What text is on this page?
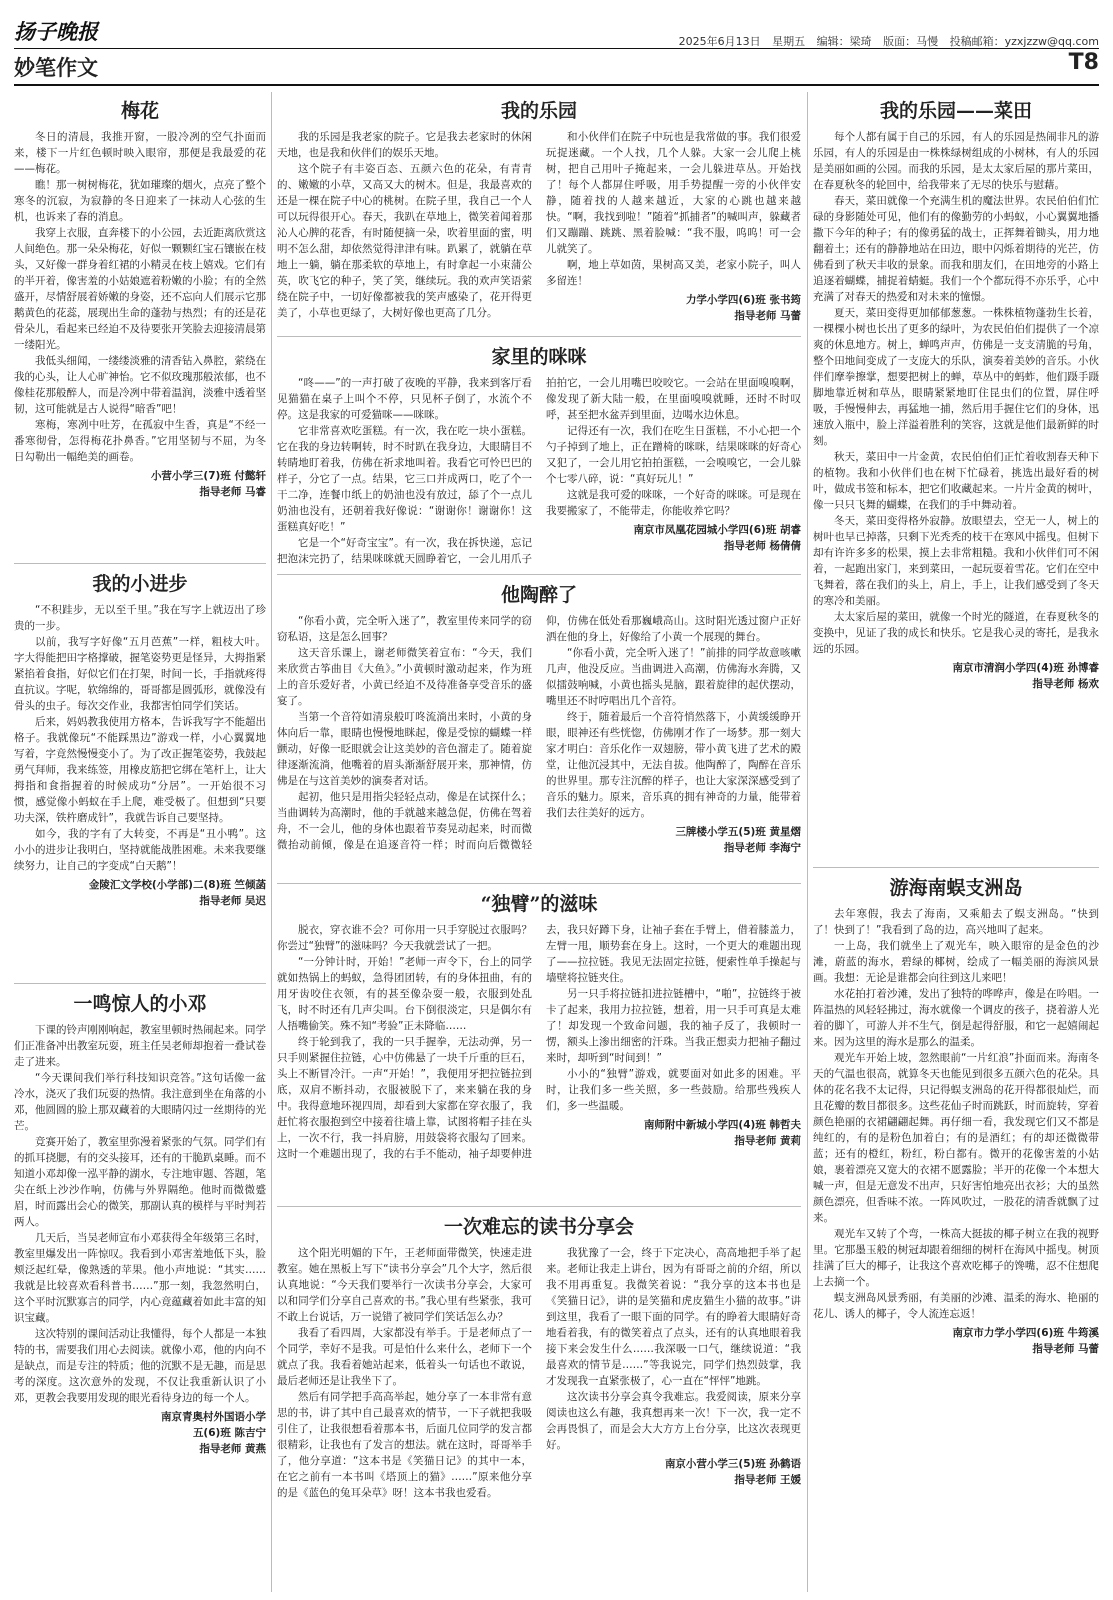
扬子晚报	2025年6月13日 星期五 编辑：梁琦 版面：马慢 投稿邮箱：yzxjzzw@qq.com
妙笔作文	T8
梅花

冬日的清晨，我推开窗，一股冷冽的空气扑面而来，楼下一片红色顿时映入眼帘，那便是我最爱的花——梅花。

瞧！那一树树梅花，犹如璀璨的烟火，点亮了整个寒冬的沉寂，为寂静的冬日迎来了一抹动人心弦的生机，也诉来了春的消息。

我穿上衣服，直奔楼下的小公园，去近距离欣赏这人间绝色。那一朵朵梅花，好似一颗颗红宝石镶嵌在枝头，又好像一群身着红裙的小精灵在枝上嬉戏。它们有的半开着，像害羞的小姑娘遮着粉嫩的小脸；有的全然盛开，尽情舒展着娇嫩的身姿，还不忘向人们展示它那鹅黄色的花蕊，展现出生命的蓬勃与热烈；有的还是花骨朵儿，看起来已经迫不及待要张开笑脸去迎接清晨第一缕阳光。

我低头细闻，一缕缕淡雅的清香钻入鼻腔，萦绕在我的心头，让人心旷神怡。它不似玫瑰那般浓郁，也不像桂花那般醉人，而是冷冽中带着温润，淡雅中透着坚韧，这可能就是古人说得“暗香”吧！

寒梅，寒冽中吐芳，在孤寂中生香，真是“不经一番寒彻骨，怎得梅花扑鼻香。”它用坚韧与不屈，为冬日勾勒出一幅绝美的画卷。

小营小学三(7)班 付懿轩
指导老师 马睿
我的小进步

“不积跬步，无以至千里。”我在写字上就迈出了珍贵的一步。

以前，我写字好像“五月芭蕉”一样，粗枝大叶。字大得能把田字格撑破，握笔姿势更是怪异，大拇指紧紧掐着食指，好似它们在打架，时间一长，手指就疼得直抗议。字呢，软绵绵的，哥哥都是圆弧形，就像没有骨头的虫子。每次交作业，我都害怕同学们笑话。

后来，妈妈教我使用方格本，告诉我写字不能超出格子。我就像玩“不能踩黑边”游戏一样，小心翼翼地写着，字竟然慢慢变小了。为了改正握笔姿势，我鼓起勇气拜师，我来练签，用橡皮筋把它绑在笔杆上，让大拇指和食指握着的时候成功“分居”。一开始很不习惯，感觉像小蚂蚁在手上爬，难受极了。但想到“只要功夫深，铁杵磨成针”，我就告诉自己要坚持。

如今，我的字有了大转变，不再是“丑小鸭”。这小小的进步让我明白，坚持就能战胜困难。未来我要继续努力，让自己的字变成“白天鹅”！

金陵汇文学校(小学部)二(8)班 竺倾菡
指导老师 吴迟
一鸣惊人的小邓

下课的铃声刚刚响起，教室里顿时热闹起来。同学们正准备冲出教室玩耍，班主任吴老师却抱着一叠试卷走了进来。

“今天课间我们举行科技知识竞答。”这句话像一盆冷水，浇灭了我们玩耍的热情。我注意到坐在角落的小邓，他圆圆的脸上那双藏着的大眼睛闪过一丝期待的光芒。

竞赛开始了，教室里弥漫着紧张的气氛。同学们有的抓耳挠腮，有的交头接耳，还有的干脆趴桌睡。而不知道小邓却像一泓平静的湖水，专注地审题、答题，笔尖在纸上沙沙作响，仿佛与外界隔绝。他时而微微蹙眉，时而露出会心的微笑，那副认真的模样与平时判若两人。

几天后，当吴老师宣布小邓获得全年级第三名时，教室里爆发出一阵惊叹。我看到小邓害羞地低下头，脸颊泛起红晕，像熟透的苹果。他小声地说：“其实……我就是比较喜欢看科普书……”那一刻，我忽然明白，这个平时沉默寡言的同学，内心竟蕴藏着如此丰富的知识宝藏。

这次特别的课间活动让我懂得，每个人都是一本独特的书，需要我们用心去阅读。就像小邓，他的内向不是缺点，而是专注的特质；他的沉默不是无趣，而是思考的深度。这次意外的发现，不仅让我重新认识了小邓，更教会我要用发现的眼光看待身边的每一个人。

南京青奥村外国语小学
五(6)班 陈吉宁
指导老师 黄燕
我的乐园

我的乐园是我老家的院子。它是我去老家时的休闲天地，也是我和伙伴们的娱乐天地。

这个院子有丰姿百态、五颜六色的花朵，有青青的、嫩嫩的小草，又高又大的树木。但是，我最喜欢的还是一棵在院子中心的桃树。在院子里，我自己一个人可以玩得很开心。春天，我趴在草地上，微笑着闻着那沁人心脾的花香，有时随便摘一朵，吹着里面的蜜，明明不怎么甜，却依然觉得津津有味。趴累了，就躺在草地上一躺，躺在那柔软的草地上，有时拿起一小束蒲公英，吹飞它的种子，笑了笑，继续玩。我的欢声笑语萦绕在院子中，一切好像都被我的笑声感染了，花开得更美了，小草也更绿了，大树好像也更高了几分。

和小伙伴们在院子中玩也是我常做的事。我们很爱玩捉迷藏。一个人找，几个人躲。大家一会儿爬上桃树，把自己用叶子掩起来，一会儿躲进草丛。开始找了！每个人都屏住呼吸，用手势提醒一旁的小伙伴安静，随着找的人越来越近，大家的心跳也越来越快。“啊，我找到啦！”随着“抓捕者”的喊叫声，躲藏者们又蹦蹦、跳跳、黑着脸喊：“我不服，呜呜！可一会儿就笑了。

啊，地上草如茵，果树高又美，老家小院子，叫人多留连！

力学小学四(6)班 张书筠
指导老师 马蕾
家里的咪咪

“咚——”的一声打破了夜晚的平静，我来到客厅看见猫猫在桌子上叫个不停，只见杯子倒了，水流个不停。这是我家的可爱猫咪——咪咪。

它非常喜欢吃蛋糕。有一次，我在吃一块小蛋糕。它在我的身边转啊转，时不时趴在我身边，大眼睛目不转睛地盯着我，仿佛在祈求地叫着。我看它可怜巴巴的样子，分它了一点。结果，它三口并成两口，吃了个一干二净，连餐巾纸上的奶油也没有放过，舔了个一点儿奶油也没有，还朝着我好像说：“谢谢你！谢谢你！这蛋糕真好吃！”

它是一个“好奇宝宝”。有一次，我在拆快递，忘记把泡沫完扔了，结果咪咪就天圆睁着它，一会儿用爪子拍拍它，一会儿用嘴巴咬咬它。一会站在里面嗅嗅啊，像发现了新大陆一般，在里面嗅嗅就睡，还时不时叹呼，甚至把水盆弄到里面，边喝水边休息。

记得还有一次，我们在吃生日蛋糕，不小心把一个勺子掉到了地上，正在蹭椅的咪咪，结果咪咪的好奇心又犯了，一会儿用它拍拍蛋糕，一会嗅嗅它，一会儿躲个七零八碎，说：“真好玩儿！”

这就是我可爱的咪咪，一个好奇的咪咪。可是现在我要搬家了，不能带走，你能收养它吗？

南京市凤凰花园城小学四(6)班 胡睿
指导老师 杨倩倩
他陶醉了

“你看小黄，完全听入迷了”，教室里传来同学的窃窃私语，这是怎么回事？

这天音乐课上，谢老师微笑着宣布：“今天，我们来欣赏古筝曲目《大鱼》。”小黄顿时激动起来，作为班上的音乐爱好者，小黄已经迫不及待准备享受音乐的盛宴了。

当第一个音符如清泉般叮咚流淌出来时，小黄的身体向后一靠，眼睛也慢慢地眯起，像是受惊的蝴蝶一样颤动，好像一眨眼就会让这美妙的音色溜走了。随着旋律逐渐流淌，他嘴着的眉头渐渐舒展开来，那神情，仿佛是在与这首美妙的演奏者对话。

起初，他只是用指尖轻轻点动，像是在试探什么；当曲调转为高潮时，他的手就越来越急促，仿佛在驾着舟，不一会儿，他的身体也跟着节奏晃动起来，时而微微抬动前倾，像是在追逐音符一样；时而向后微微轻仰，仿佛在低处看那巍峨高山。这时阳光透过窗户正好洒在他的身上，好像给了小黄一个展现的舞台。

“你看小黄，完全听入迷了！”前排的同学故意咳嗽几声，他没反应。当曲调进入高潮，仿佛海水奔腾，又似擂鼓响喊，小黄也摇头晃脑，跟着旋律的起伏摆动，嘴里还不时哼唱出几个音符。

终于，随着最后一个音符悄然落下，小黄缓缓睁开眼，眼神还有些恍惚，仿佛刚才作了一场梦。那一刻大家才明白：音乐化作一双翅膀，带小黄飞进了艺术的殿堂，让他沉浸其中，无法自拔。他陶醉了，陶醉在音乐的世界里。那专注沉醉的样子，也让大家深深感受到了音乐的魅力。原来，音乐真的拥有神奇的力量，能带着我们去往美好的远方。

三牌楼小学五(5)班 黄星熠
指导老师 李海宁
“独臂”的滋味

脱衣，穿衣谁不会？可你用一只手穿脱过衣服吗？你尝过“独臂”的滋味吗？今天我就尝试了一把。

“一分钟计时，开始！”老师一声令下，台上的同学就如热锅上的蚂蚁，急得团团转，有的身体扭曲，有的用牙齿咬住衣领，有的甚至像杂耍一般，衣服到处乱飞，时不时还有几声尖叫。台下倒很淡定，只是偶尔有人捂嘴偷笑。殊不知“考验”正未降临……

终于轮到我了，我的一只手握拳，无法动弹，另一只手则紧握住拉链，心中仿佛悬了一块千斤重的巨石，头上不断冒冷汗。一声“开始！”，我便用牙把拉链拉到底，双肩不断抖动，衣服被脱下了，来来躺在我的身中。我得意地环视四周，却看到大家都在穿衣服了，我赶忙将衣服抱到空中接着往墙上靠，试图将帽子挂在头上，一次不行，我一抖肩膀，用鼓袋将衣服勾了回来。这时一个难题出现了，我的右手不能动，袖子却要伸进去，我只好蹲下身，让袖子套在手臂上，借着膝盖力，左臂一甩，顺势套在身上。这时，一个更大的难题出现了——拉拉链。我见无法固定拉链，便索性单手操起与墙壁将拉链夹住。

另一只手将拉链扣进拉链槽中，“啪”，拉链终于被卡了起来，我用力拉拉链，想着，用一只手可真是太难了！却发现一个致命问题，我的袖子反了，我顿时一愣，额头上渗出细密的汗珠。当我正想卖力把袖子翻过来时，却听到“时间到！”

小小的“独臂”游戏，就要面对如此多的困难。平时，让我们多一些关照，多一些鼓励。给那些残疾人们，多一些温暖。

南师附中新城小学四(4)班 韩哲夫
指导老师 黄莉
一次难忘的读书分享会

这个阳光明媚的下午，王老师面带微笑，快速走进教室。她在黑板上写下“读书分享会”几个大字，然后很认真地说：“今天我们要举行一次读书分享会，大家可以和同学们分享自己喜欢的书。”我心里有些紧张，我可不敢上台说话，万一说错了被同学们笑话怎么办？

我看了看四周，大家都没有举手。于是老师点了一个同学，幸好不是我。可是怕什么来什么，老师下一个就点了我。我看着她站起来，低着头一句话也不敢说，最后老师还是让我坐下了。

然后有同学把手高高举起，她分享了一本非常有意思的书，讲了其中自己最喜欢的情节，一下子就把我吸引住了，让我很想看着那本书，后面几位同学的发言都很精彩，让我也有了发言的想法。就在这时，哥哥举手了，他分享道：“这本书是《笑猫日记》的其中一本，在它之前有一本书叫《塔顶上的猫》……”原来他分享的是《蓝色的兔耳朵草》呀！这本书我也爱看。

我犹豫了一会，终于下定决心，高高地把手举了起来。老师让我走上讲台，因为有哥哥之前的介绍，所以我不用再重复。我微笑着说：“我分享的这本书也是《笑猫日记》，讲的是笑猫和虎皮猫生小猫的故事。”讲到这里，我看了一眼下面的同学。有的睁着大眼睛好奇地看着我，有的微笑着点了点头，还有的认真地眼着我接下来会发生什么……我深吸一口气，继续说道：“我最喜欢的情节是……”等我说完，同学们热烈鼓掌，我才发现我一直紧张极了，心一直在“怦怦”地跳。

这次读书分享会真令我难忘。我爱阅读，原来分享阅读也这么有趣，我真想再来一次！下一次，我一定不会再畏惧了，而是会大大方方上台分享，比这次表现更好。

南京小营小学三(5)班 孙鹤语
指导老师 王媛
我的乐园——菜田

每个人都有属于自己的乐园，有人的乐园是热闹非凡的游乐园，有人的乐园是由一株株绿树组成的小树林，有人的乐园是美丽如画的公园。而我的乐园，是太太家后屋的那片菜田，在春夏秋冬的轮回中，给我带来了无尽的快乐与慰藉。

春天，菜田就像一个充满生机的魔法世界。农民伯伯们忙碌的身影随处可见，他们有的像勤劳的小蚂蚁，小心翼翼地播撒下今年的种子；有的像勇猛的战士，正挥舞着锄头，用力地翻着土；还有的静静地站在田边，眼中闪烁着期待的光芒，仿佛看到了秋天丰收的景象。而我和朋友们，在田地旁的小路上追逐着蝴蝶，捕捉着蜻蜓。我们一个个都玩得不亦乐乎，心中充满了对春天的热爱和对未来的憧憬。

夏天，菜田变得更加郁郁葱葱。一株株植物蓬勃生长着，一棵棵小树也长出了更多的绿叶，为农民伯伯们提供了一个凉爽的休息地方。树上，蝉鸣声声，仿佛是一支支清脆的号角，整个田地间变成了一支庞大的乐队，演奏着美妙的音乐。小伙伴们摩拳擦掌，想要把树上的蝉，草丛中的蚂蚱，他们蹑手蹑脚地靠近树和草丛，眼睛紧紧地盯住昆虫们的位置，屏住呼吸，手慢慢伸去，再猛地一捕，然后用手握住它们的身体，迅速放入瓶中，脸上洋溢着胜利的笑容，这就是他们最新鲜的时刻。

秋天，菜田中一片金黄，农民伯伯们正忙着收割春天种下的植物。我和小伙伴们也在树下忙碌着，挑选出最好看的树叶，做成书签和标本，把它们收藏起来。一片片金黄的树叶，像一只只飞舞的蝴蝶，在我们的手中舞动着。

冬天，菜田变得格外寂静。放眼望去，空无一人，树上的树叶也早已掉落，只剩下光秃秃的枝干在寒风中摇曳。但树下却有许许多多的松果，摸上去非常粗糙。我和小伙伴们可不闲着，一起跑出家门，来到菜田，一起玩耍着雪花。它们在空中飞舞着，落在我们的头上，肩上，手上，让我们感受到了冬天的寒冷和美丽。

太太家后屋的菜田，就像一个时光的隧道，在春夏秋冬的变换中，见证了我的成长和快乐。它是我心灵的寄托，是我永远的乐园。

南京市清润小学四(4)班 孙博睿
指导老师 杨欢
游海南蜈支洲岛

去年寒假，我去了海南，又乘船去了蜈支洲岛。“快到了！快到了！”我看到了岛的边，高兴地叫了起来。

一上岛，我们就坐上了观光车，映入眼帘的是金色的沙滩，蔚蓝的海水，碧绿的椰树，绘成了一幅美丽的海滨风景画。我想：无论是谁都会向往到这儿来吧！

水花拍打着沙滩，发出了独特的哗哗声，像是在吟唱。一阵温热的风轻轻拂过，海水就像一个调皮的孩子，挠着游人光着的脚丫，可游人并不生气，倒是起得舒服，和它一起嬉闹起来。因为这里的海水是那么的温柔。

观光车开始上坡，忽然眼前“一片红浪”扑面而来。海南冬天的气温也很高，就算冬天也能见到很多五颜六色的花朵。具体的花名我不太记得，只记得蜈支洲岛的花开得都很灿烂，而且花瓣的数目都很多。这些花仙子时而跳跃，时而旋转，穿着颜色艳丽的衣裙翩翩起舞。再仔细一看，我发现它们又不都是纯红的，有的是粉色加着白；有的是酒红；有的却还微微带蓝；还有的橙红，粉红，粉白都有。微开的花像害羞的小姑娘，裹着漂亮又宽大的衣裙不愿露脸；半开的花像一个本想大喊一声，但是无意发不出声，只好害怕地亮出衣衫；大的虽然颜色漂亮，但香味不浓。一阵风吹过，一股花的清香就飘了过来。

观光车又转了个弯，一株高大挺拔的椰子树立在我的视野里。它那墨玉般的树冠却跟着细细的树杆在海风中摇曳。树顶挂满了巨大的椰子，让我这个喜欢吃椰子的馋嘴，忍不住想爬上去摘一个。

蜈支洲岛风景秀丽，有美丽的沙滩、温柔的海水、艳丽的花儿、诱人的椰子，令人流连忘返！

南京市力学小学四(6)班 牛筠溪
指导老师 马蕾
